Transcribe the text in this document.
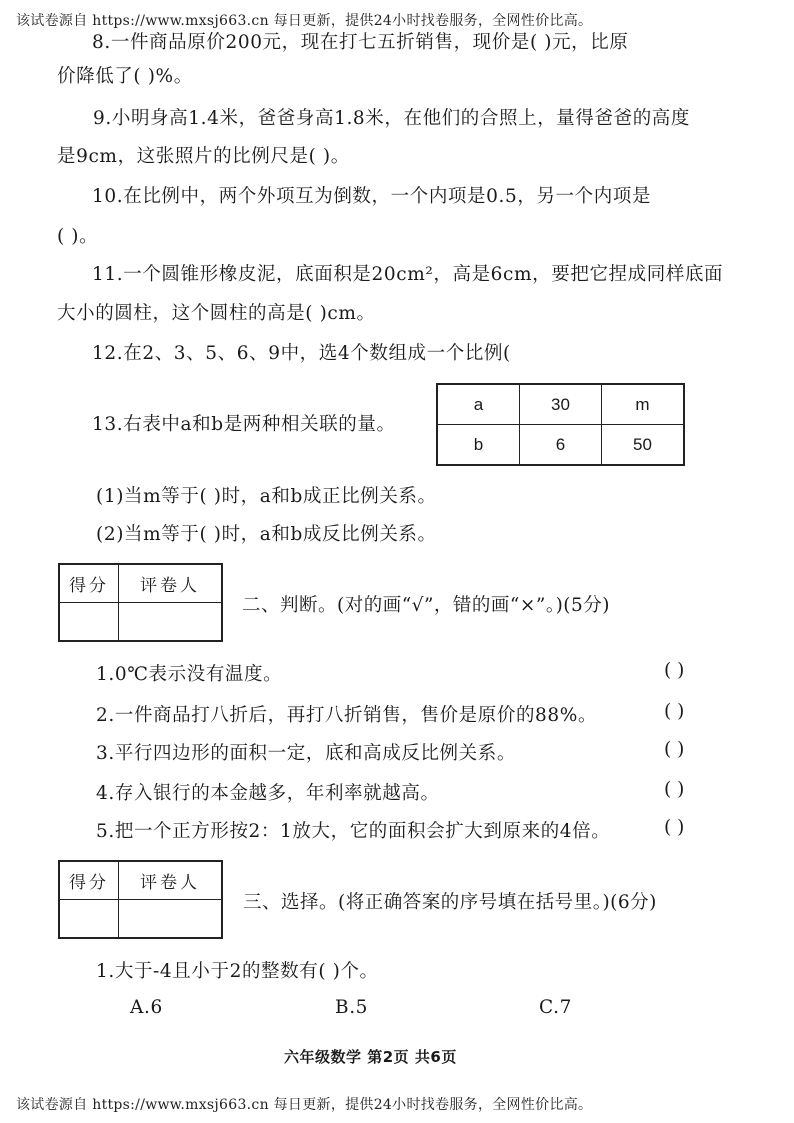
该试卷源自 https://www.mxsj663.cn 每日更新，提供24小时找卷服务，全网性价比高。
8.一件商品原价200元，现在打七五折销售，现价是( )元，比原
价降低了( )%。
9.小明身高1.4米，爸爸身高1.8米，在他们的合照上，量得爸爸的高度
是9cm，这张照片的比例尺是( )。
10.在比例中，两个外项互为倒数，一个内项是0.5，另一个内项是
( )。
11.一个圆锥形橡皮泥，底面积是20cm²，高是6cm，要把它捏成同样底面
大小的圆柱，这个圆柱的高是( )cm。
12.在2、3、5、6、9中，选4个数组成一个比例(
13.右表中a和b是两种相关联的量。
a	30	m
b	6	50
(1)当m等于( )时，a和b成正比例关系。
(2)当m等于( )时，a和b成反比例关系。
得分	评卷人

二、判断。(对的画“√”，错的画“×”。)(5分)
1.0℃表示没有温度。	( )
2.一件商品打八折后，再打八折销售，售价是原价的88%。	( )
3.平行四边形的面积一定，底和高成反比例关系。	( )
4.存入银行的本金越多，年利率就越高。	( )
5.把一个正方形按2：1放大，它的面积会扩大到原来的4倍。	( )
得分	评卷人

三、选择。(将正确答案的序号填在括号里。)(6分)
1.大于-4且小于2的整数有( )个。
A.6	B.5	C.7
六年级数学 第2页 共6页
该试卷源自 https://www.mxsj663.cn 每日更新，提供24小时找卷服务，全网性价比高。
